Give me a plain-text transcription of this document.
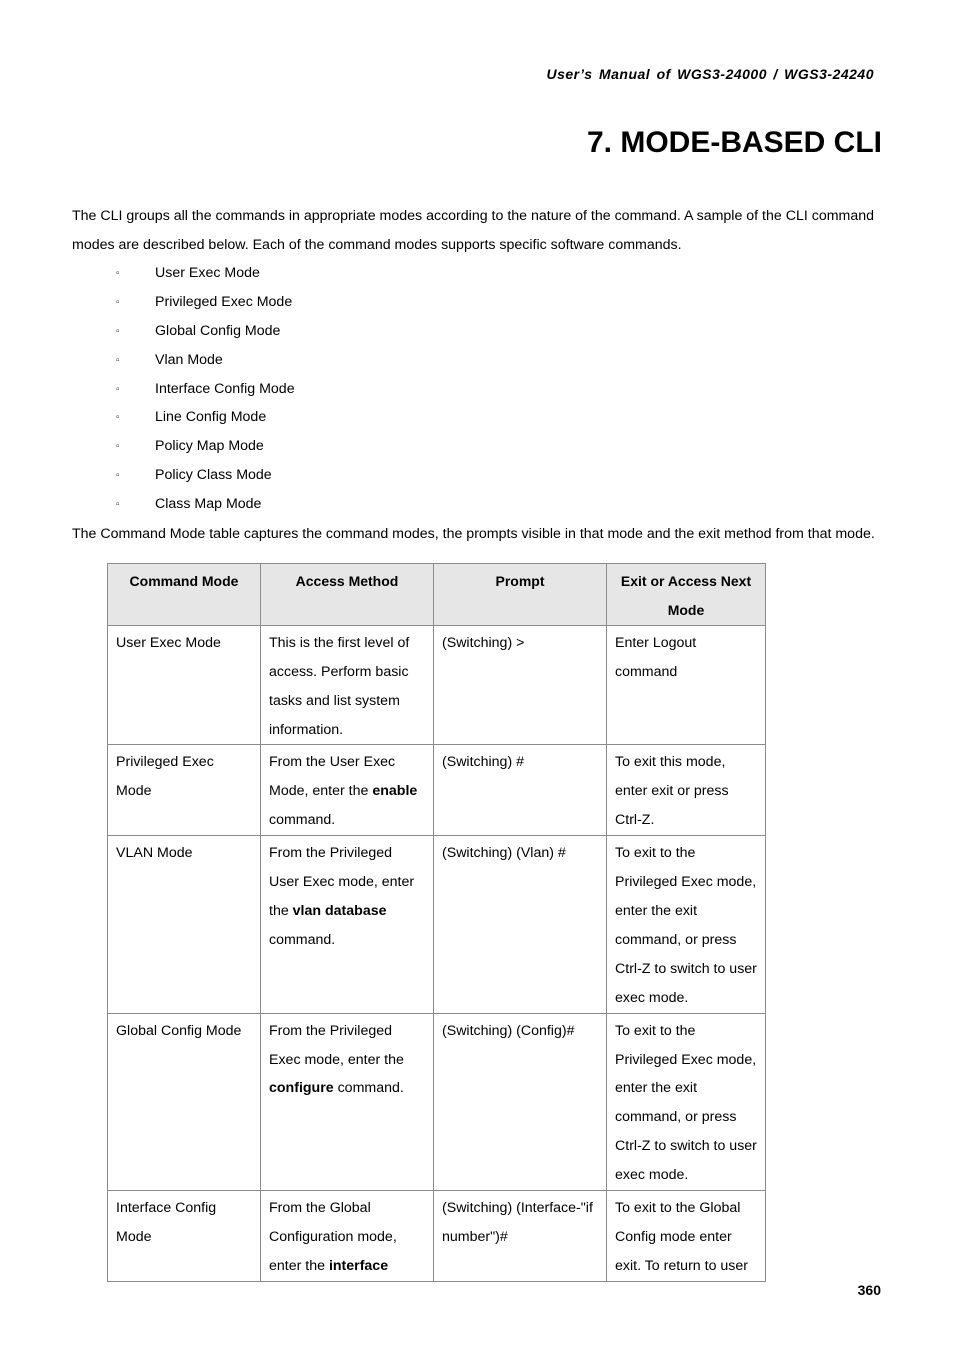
User’s Manual of WGS3-24000 / WGS3-24240
7. MODE-BASED CLI

The CLI groups all the commands in appropriate modes according to the nature of the command. A sample of the CLI command modes are described below. Each of the command modes supports specific software commands.

▫	User Exec Mode
▫	Privileged Exec Mode
▫	Global Config Mode
▫	Vlan Mode
▫	Interface Config Mode
▫	Line Config Mode
▫	Policy Map Mode
▫	Policy Class Mode
▫	Class Map Mode

The Command Mode table captures the command modes, the prompts visible in that mode and the exit method from that mode.

Command Mode	Access Method	Prompt	Exit or Access Next Mode
User Exec Mode	This is the first level of access. Perform basic tasks and list system information.	(Switching) >	Enter Logout command
Privileged Exec Mode	From the User Exec Mode, enter the enable command.	(Switching) #	To exit this mode, enter exit or press Ctrl-Z.
VLAN Mode	From the Privileged User Exec mode, enter the vlan database command.	(Switching) (Vlan) #	To exit to the Privileged Exec mode, enter the exit command, or press Ctrl-Z to switch to user exec mode.
Global Config Mode	From the Privileged Exec mode, enter the configure command.	(Switching) (Config)#	To exit to the Privileged Exec mode, enter the exit command, or press Ctrl-Z to switch to user exec mode.
Interface Config Mode	From the Global Configuration mode, enter the interface	(Switching) (Interface-"if number")#	To exit to the Global Config mode enter exit. To return to user
360
